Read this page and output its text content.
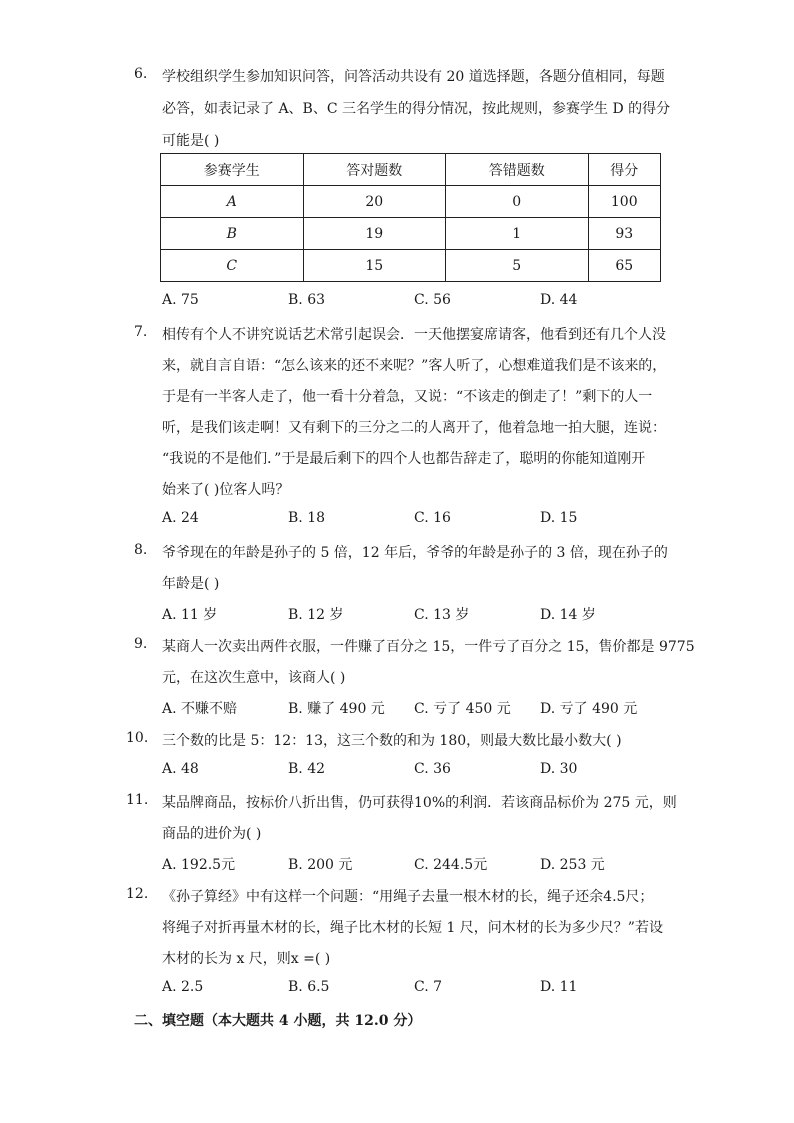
6. 学校组织学生参加知识问答，问答活动共设有 20 道选择题，各题分值相同，每题
必答，如表记录了 A、B、C 三名学生的得分情况，按此规则，参赛学生 D 的得分
可能是( )
参赛学生	答对题数	答错题数	得分
A	20	0	100
B	19	1	93
C	15	5	65
A. 75	B. 63	C. 56	D. 44
7. 相传有个人不讲究说话艺术常引起误会．一天他摆宴席请客，他看到还有几个人没
来，就自言自语：“怎么该来的还不来呢？”客人听了，心想难道我们是不该来的，
于是有一半客人走了，他一看十分着急，又说：“不该走的倒走了！”剩下的人一
听，是我们该走啊！又有剩下的三分之二的人离开了，他着急地一拍大腿，连说：
“我说的不是他们．”于是最后剩下的四个人也都告辞走了，聪明的你能知道刚开
始来了( )位客人吗？
A. 24	B. 18	C. 16	D. 15
8. 爷爷现在的年龄是孙子的 5 倍，12 年后，爷爷的年龄是孙子的 3 倍，现在孙子的
年龄是( )
A. 11 岁	B. 12 岁	C. 13 岁	D. 14 岁
9. 某商人一次卖出两件衣服，一件赚了百分之 15，一件亏了百分之 15，售价都是 9775
元，在这次生意中，该商人( )
A. 不赚不赔	B. 赚了 490 元 C. 亏了 450 元 D. 亏了 490 元
10. 三个数的比是 5：12：13，这三个数的和为 180，则最大数比最小数大( )
A. 48	B. 42	C. 36	D. 30
11. 某品牌商品，按标价八折出售，仍可获得10%的利润．若该商品标价为 275 元，则
商品的进价为( )
A. 192.5元	B. 200 元	C. 244.5元	D. 253 元
12. 《孙子算经》中有这样一个问题：“用绳子去量一根木材的长，绳子还余4.5尺；
将绳子对折再量木材的长，绳子比木材的长短 1 尺，问木材的长为多少尺？”若设
木材的长为 x 尺，则x =( )
A. 2.5	B. 6.5	C. 7	D. 11
二、填空题（本大题共 4 小题，共 12.0 分）
